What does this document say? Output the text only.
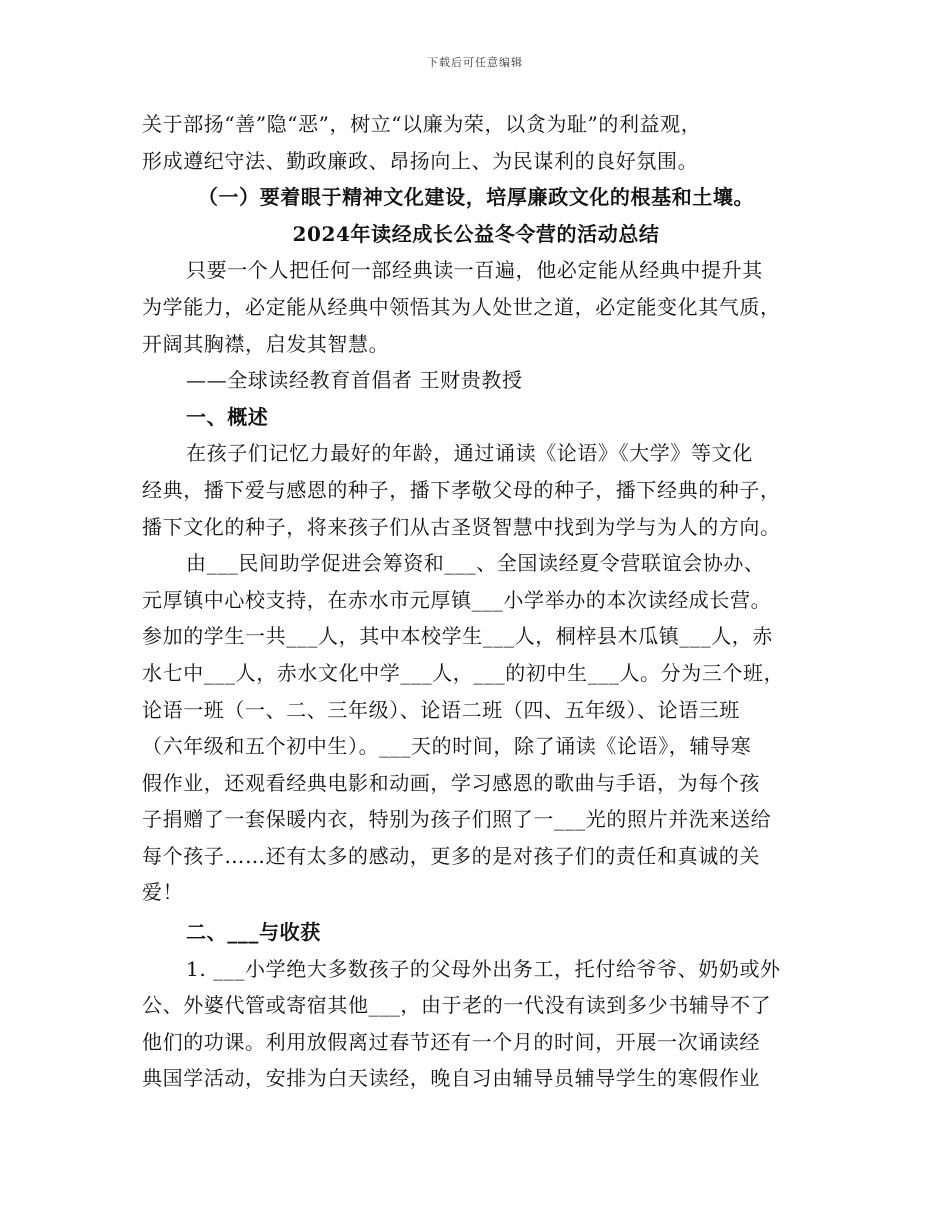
下载后可任意编辑
关于部扬“善”隐“恶”，树立“以廉为荣，以贪为耻”的利益观，
形成遵纪守法、勤政廉政、昂扬向上、为民谋利的良好氛围。
（一）要着眼于精神文化建设，培厚廉政文化的根基和土壤。
2024年读经成长公益冬令营的活动总结
只要一个人把任何一部经典读一百遍，他必定能从经典中提升其
为学能力，必定能从经典中领悟其为人处世之道，必定能变化其气质，
开阔其胸襟，启发其智慧。
——全球读经教育首倡者 王财贵教授
一、概述
在孩子们记忆力最好的年龄，通过诵读《论语》《大学》等文化
经典，播下爱与感恩的种子，播下孝敬父母的种子，播下经典的种子，
播下文化的种子，将来孩子们从古圣贤智慧中找到为学与为人的方向。
由___民间助学促进会筹资和___、全国读经夏令营联谊会协办、
元厚镇中心校支持，在赤水市元厚镇___小学举办的本次读经成长营。
参加的学生一共___人，其中本校学生___人，桐梓县木瓜镇___人，赤
水七中___人，赤水文化中学___人，___的初中生___人。分为三个班，
论语一班（一、二、三年级）、论语二班（四、五年级）、论语三班
（六年级和五个初中生）。___天的时间，除了诵读《论语》，辅导寒
假作业，还观看经典电影和动画，学习感恩的歌曲与手语，为每个孩
子捐赠了一套保暖内衣，特别为孩子们照了一___光的照片并洗来送给
每个孩子……还有太多的感动，更多的是对孩子们的责任和真诚的关
爱！
二、___与收获
1. ___小学绝大多数孩子的父母外出务工，托付给爷爷、奶奶或外
公、外婆代管或寄宿其他___，由于老的一代没有读到多少书辅导不了
他们的功课。利用放假离过春节还有一个月的时间，开展一次诵读经
典国学活动，安排为白天读经，晚自习由辅导员辅导学生的寒假作业
